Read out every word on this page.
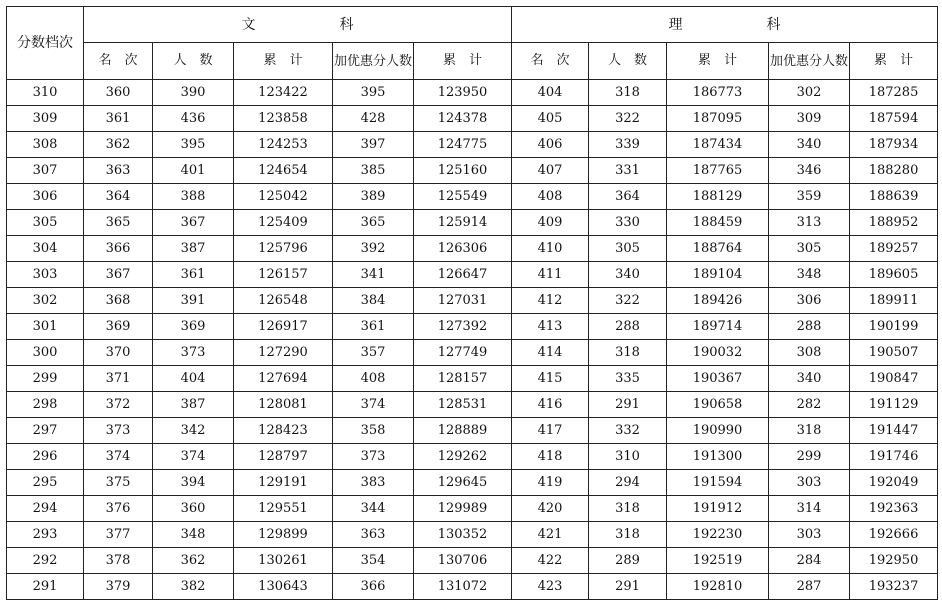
分数档次	文　　　　　　科					理　　　　　　科				
	名　次	人　数	累　计	加优惠分人数	累　计	名　次	人　数	累　计	加优惠分人数	累　计
310	360	390	123422	395	123950	404	318	186773	302	187285
309	361	436	123858	428	124378	405	322	187095	309	187594
308	362	395	124253	397	124775	406	339	187434	340	187934
307	363	401	124654	385	125160	407	331	187765	346	188280
306	364	388	125042	389	125549	408	364	188129	359	188639
305	365	367	125409	365	125914	409	330	188459	313	188952
304	366	387	125796	392	126306	410	305	188764	305	189257
303	367	361	126157	341	126647	411	340	189104	348	189605
302	368	391	126548	384	127031	412	322	189426	306	189911
301	369	369	126917	361	127392	413	288	189714	288	190199
300	370	373	127290	357	127749	414	318	190032	308	190507
299	371	404	127694	408	128157	415	335	190367	340	190847
298	372	387	128081	374	128531	416	291	190658	282	191129
297	373	342	128423	358	128889	417	332	190990	318	191447
296	374	374	128797	373	129262	418	310	191300	299	191746
295	375	394	129191	383	129645	419	294	191594	303	192049
294	376	360	129551	344	129989	420	318	191912	314	192363
293	377	348	129899	363	130352	421	318	192230	303	192666
292	378	362	130261	354	130706	422	289	192519	284	192950
291	379	382	130643	366	131072	423	291	192810	287	193237
